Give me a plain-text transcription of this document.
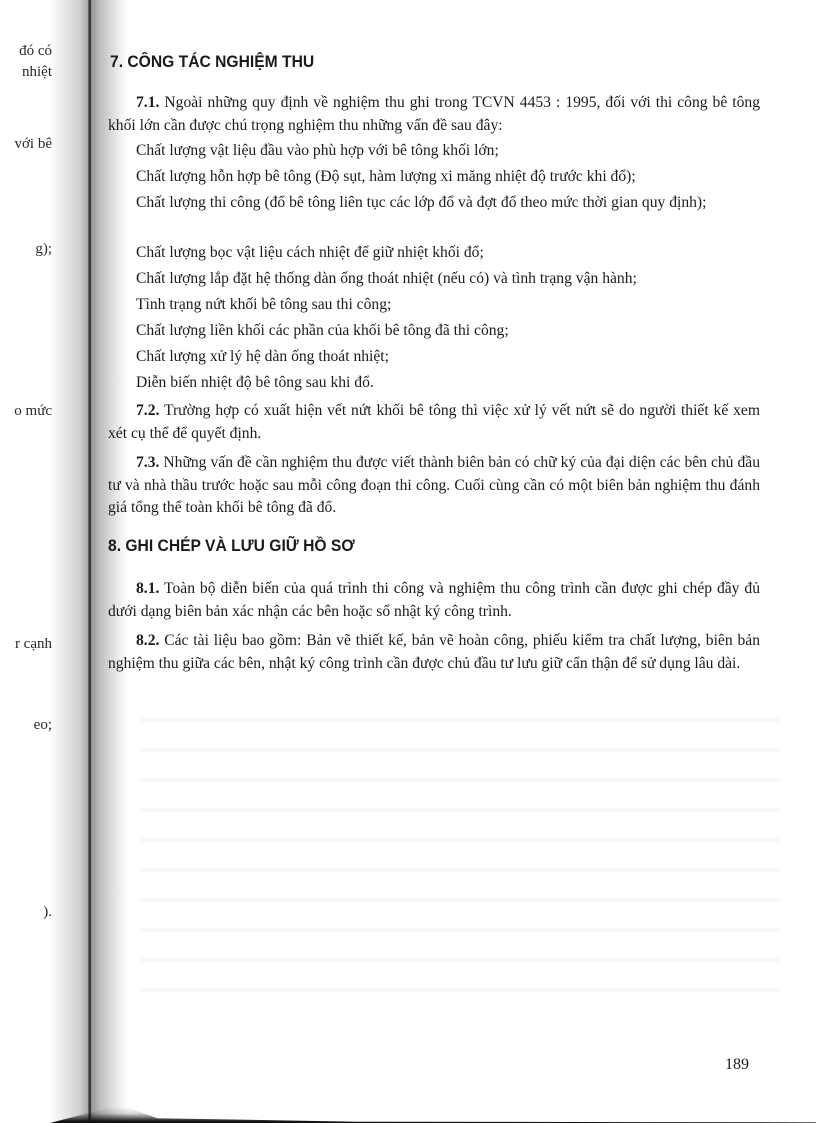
đó có
nhiệt
với bê
g);
o mức
r cạnh
eo;
).
7. CÔNG TÁC NGHIỆM THU

7.1. Ngoài những quy định về nghiệm thu ghi trong TCVN 4453 : 1995, đối với thi công bê tông khối lớn cần được chú trọng nghiệm thu những vấn đề sau đây:

Chất lượng vật liệu đầu vào phù hợp với bê tông khối lớn;

Chất lượng hỗn hợp bê tông (Độ sụt, hàm lượng xi măng nhiệt độ trước khi đổ);

Chất lượng thi công (đổ bê tông liên tục các lớp đổ và đợt đổ theo mức thời gian quy định);

Chất lượng bọc vật liệu cách nhiệt để giữ nhiệt khối đổ;

Chất lượng lắp đặt hệ thống dàn ống thoát nhiệt (nếu có) và tình trạng vận hành;

Tình trạng nứt khối bê tông sau thi công;

Chất lượng liền khối các phần của khối bê tông đã thi công;

Chất lượng xử lý hệ dàn ống thoát nhiệt;

Diễn biến nhiệt độ bê tông sau khi đổ.

7.2. Trường hợp có xuất hiện vết nứt khối bê tông thì việc xử lý vết nứt sẽ do người thiết kế xem xét cụ thể để quyết định.

7.3. Những vấn đề cần nghiệm thu được viết thành biên bản có chữ ký của đại diện các bên chủ đầu tư và nhà thầu trước hoặc sau mỗi công đoạn thi công. Cuối cùng cần có một biên bản nghiệm thu đánh giá tổng thể toàn khối bê tông đã đổ.

8. GHI CHÉP VÀ LƯU GIỮ HỒ SƠ

8.1. Toàn bộ diễn biến của quá trình thi công và nghiệm thu công trình cần được ghi chép đầy đủ dưới dạng biên bản xác nhận các bên hoặc sổ nhật ký công trình.

8.2. Các tài liệu bao gồm: Bản vẽ thiết kế, bản vẽ hoàn công, phiếu kiểm tra chất lượng, biên bản nghiệm thu giữa các bên, nhật ký công trình cần được chủ đầu tư lưu giữ cẩn thận để sử dụng lâu dài.

189
